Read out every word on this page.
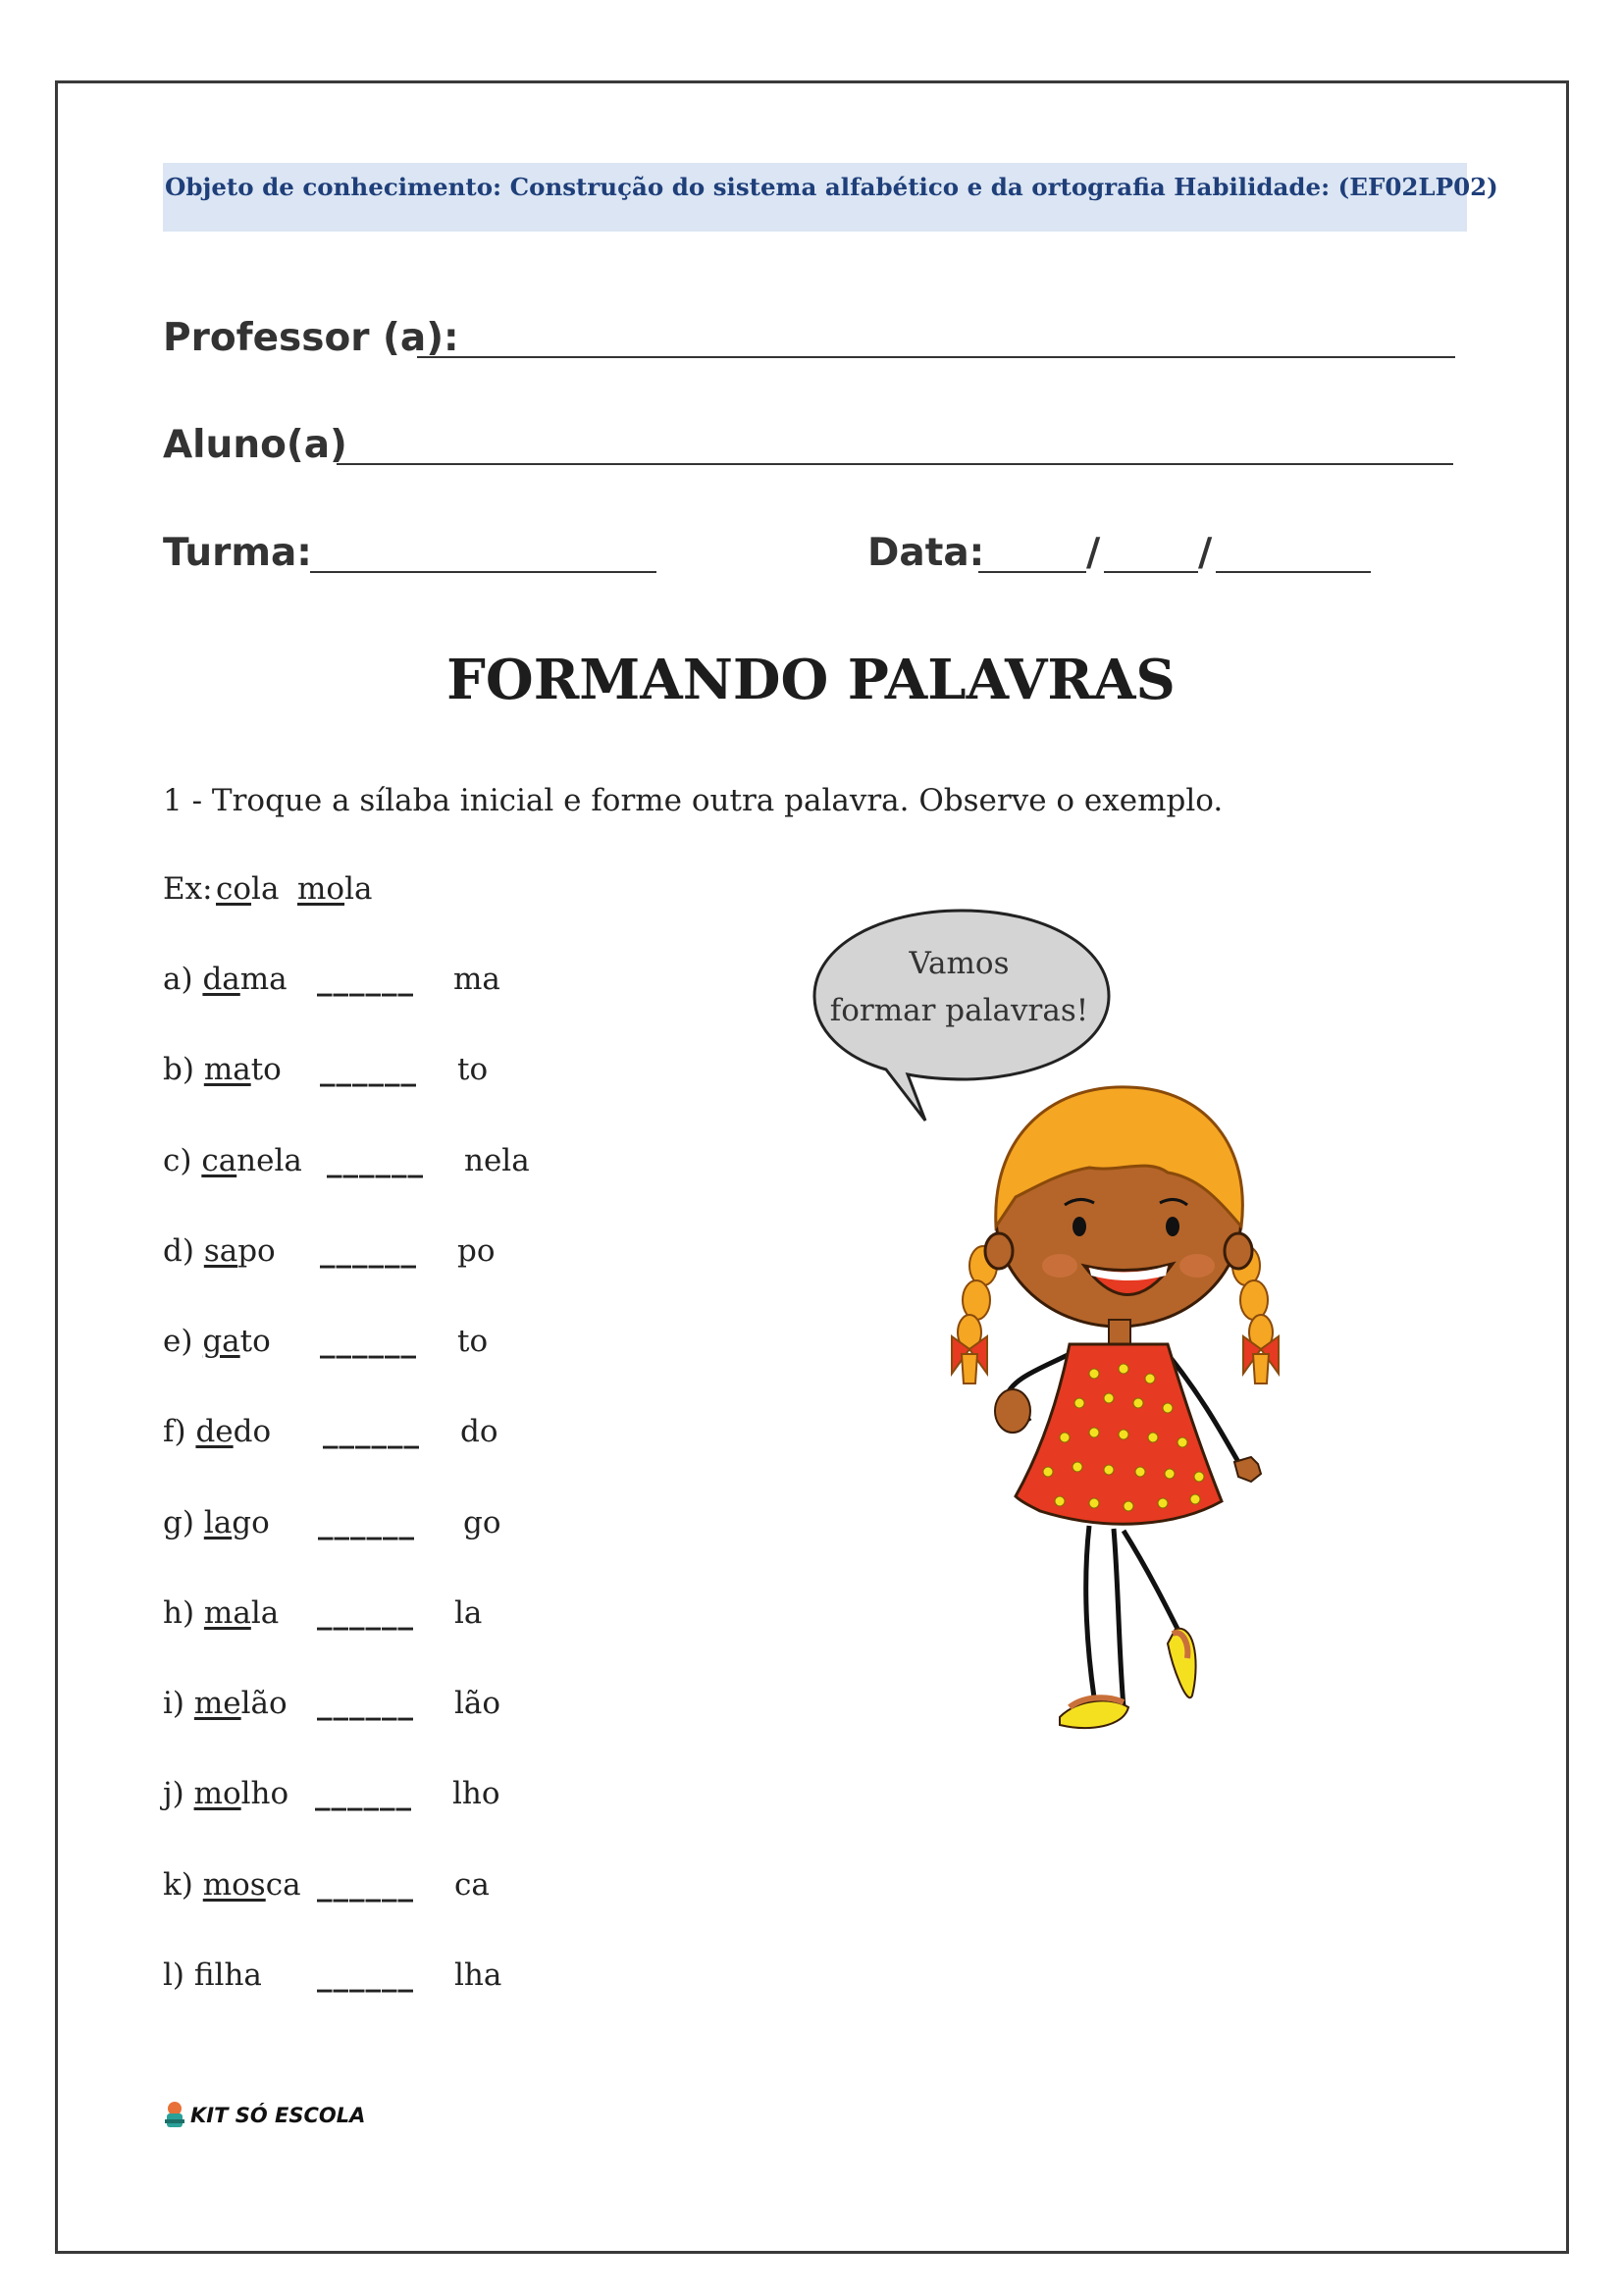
Objeto de conhecimento: Construção do sistema alfabético e da ortografia Habilidade: (EF02LP02)
Professor (a):
Aluno(a)
Turma:	Data:	/	/
FORMANDO PALAVRAS
1 - Troque a sílaba inicial e forme outra palavra. Observe o exemplo.
Ex: cola mola
a) dama ______ ma
b) mato ______ to
c) canela ______ nela
d) sapo ______ po
e) gato ______ to
f) dedo ______ do
g) lago ______ go
h) mala ______ la
i) melão ______ lão
j) molho ______ lho
k) mosca ______ ca
l) filha ______ lha
Vamos
formar palavras!
KIT SÓ ESCOLA
